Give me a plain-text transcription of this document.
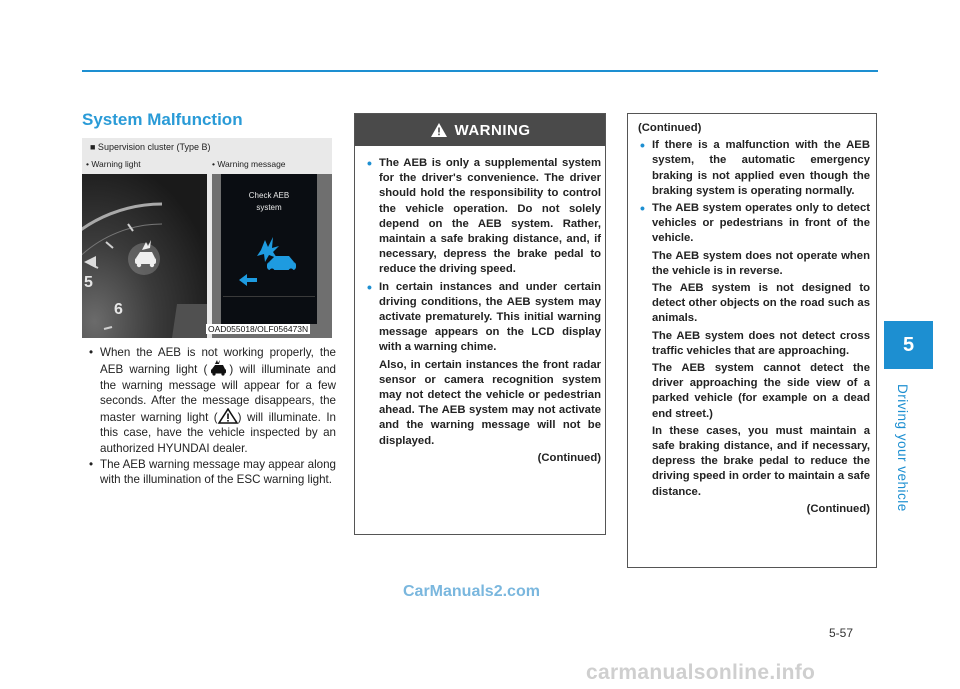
5
Driving your vehicle
System Malfunction
■ Supervision cluster (Type B)
• Warning light	• Warning message
5
6
Check AEB
system
OAD055018/OLF056473N
• When the AEB is not working properly, the AEB warning light ( ) will illuminate and the warning message will appear for a few seconds. After the message disappears, the master warning light ( ) will illuminate. In this case, have the vehicle inspected by an authorized HYUNDAI dealer.
• The AEB warning message may appear along with the illumination of the ESC warning light.
WARNING
• The AEB is only a supplemental system for the driver's convenience. The driver should hold the responsibility to control the vehicle operation. Do not solely depend on the AEB system. Rather, maintain a safe braking distance, and, if necessary, depress the brake pedal to reduce the driving speed.
• In certain instances and under certain driving conditions, the AEB system may activate prematurely. This initial warning message appears on the LCD display with a warning chime.

Also, in certain instances the front radar sensor or camera recognition system may not detect the vehicle or pedestrian ahead. The AEB system may not activate and the warning message will not be displayed.

(Continued)
(Continued)
• If there is a malfunction with the AEB system, the automatic emergency braking is not applied even though the braking system is operating normally.
• The AEB system operates only to detect vehicles or pedestrians in front of the vehicle.

The AEB system does not operate when the vehicle is in reverse.

The AEB system is not designed to detect other objects on the road such as animals.

The AEB system does not detect cross traffic vehicles that are approaching.

The AEB system cannot detect the driver approaching the side view of a parked vehicle (for example on a dead end street.)

In these cases, you must maintain a safe braking distance, and if necessary, depress the brake pedal to reduce the driving speed in order to maintain a safe distance.

(Continued)
5-57
CarManuals2.com
carmanualsonline.info
